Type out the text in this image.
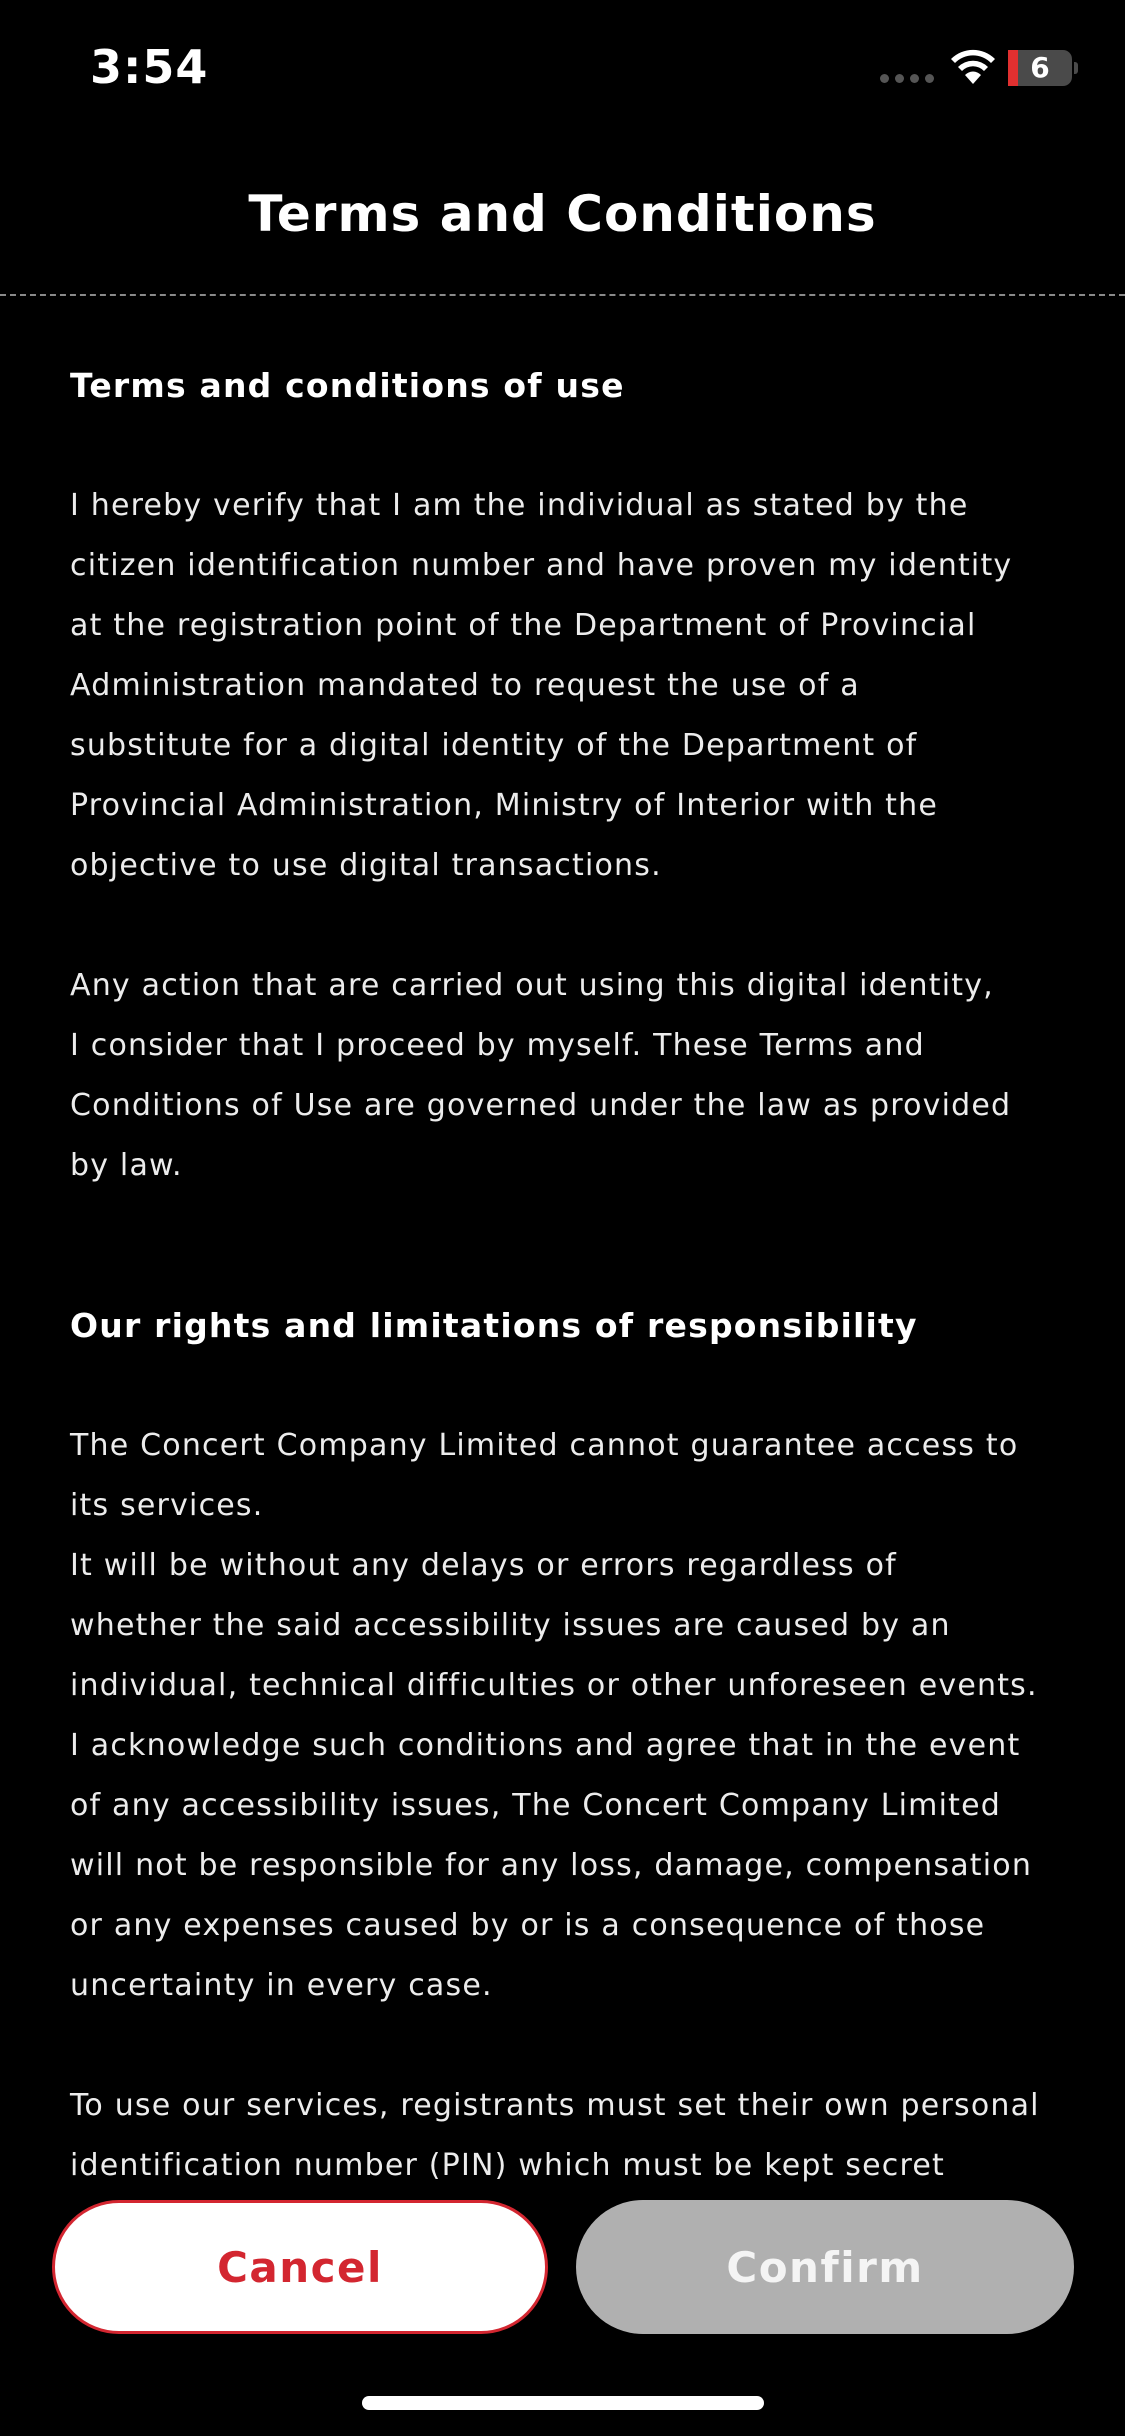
3:54	6
Terms and Conditions
Terms and conditions of use

I hereby verify that I am the individual as stated by the
citizen identification number and have proven my identity
at the registration point of the Department of Provincial
Administration mandated to request the use of a
substitute for a digital identity of the Department of
Provincial Administration, Ministry of Interior with the
objective to use digital transactions.

Any action that are carried out using this digital identity,
I consider that I proceed by myself. These Terms and
Conditions of Use are governed under the law as provided
by law.

Our rights and limitations of responsibility

The Concert Company Limited cannot guarantee access to
its services.
It will be without any delays or errors regardless of
whether the said accessibility issues are caused by an
individual, technical difficulties or other unforeseen events.
I acknowledge such conditions and agree that in the event
of any accessibility issues, The Concert Company Limited
will not be responsible for any loss, damage, compensation
or any expenses caused by or is a consequence of those
uncertainty in every case.

To use our services, registrants must set their own personal
identification number (PIN) which must be kept secret

Cancel	Confirm
